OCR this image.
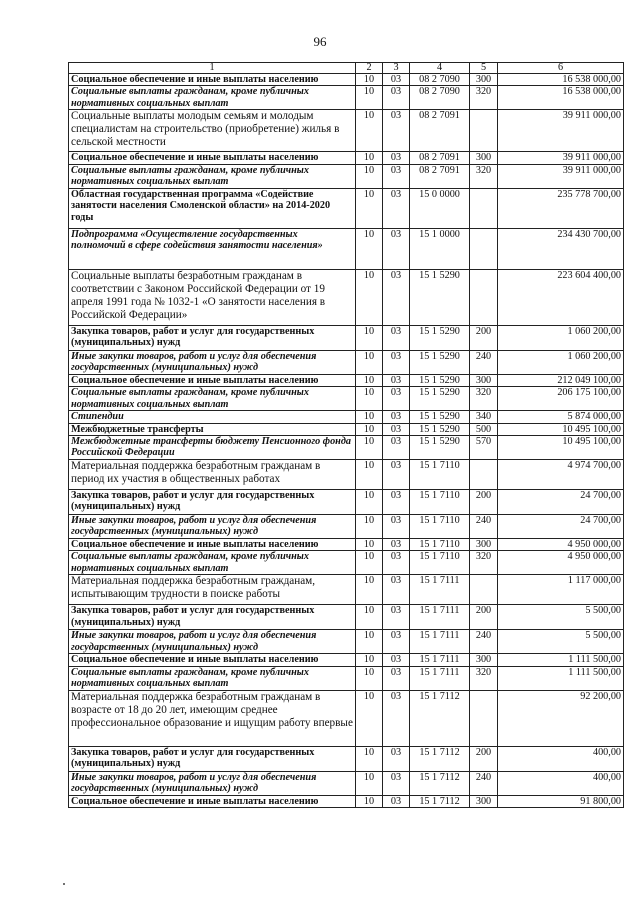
96
1	2	3	4	5	6
Социальное обеспечение и иные выплаты населению	10	03	08 2 7090	300	16 538 000,00
Социальные выплаты гражданам, кроме публичных нормативных социальных выплат	10	03	08 2 7090	320	16 538 000,00
Социальные выплаты молодым семьям и молодым специалистам на строительство (приобретение) жилья в сельской местности	10	03	08 2 7091		39 911 000,00
Социальное обеспечение и иные выплаты населению	10	03	08 2 7091	300	39 911 000,00
Социальные выплаты гражданам, кроме публичных нормативных социальных выплат	10	03	08 2 7091	320	39 911 000,00
Областная государственная программа «Содействие занятости населения Смоленской области» на 2014-2020 годы	10	03	15 0 0000		235 778 700,00
Подпрограмма «Осуществление государственных полномочий в сфере содействия занятости населения»	10	03	15 1 0000		234 430 700,00
Социальные выплаты безработным гражданам в соответствии с Законом Российской Федерации от 19 апреля 1991 года № 1032-1 «О занятости населения в Российской Федерации»	10	03	15 1 5290		223 604 400,00
Закупка товаров, работ и услуг для государственных (муниципальных) нужд	10	03	15 1 5290	200	1 060 200,00
Иные закупки товаров, работ и услуг для обеспечения государственных (муниципальных) нужд	10	03	15 1 5290	240	1 060 200,00
Социальное обеспечение и иные выплаты населению	10	03	15 1 5290	300	212 049 100,00
Социальные выплаты гражданам, кроме публичных нормативных социальных выплат	10	03	15 1 5290	320	206 175 100,00
Стипендии	10	03	15 1 5290	340	5 874 000,00
Межбюджетные трансферты	10	03	15 1 5290	500	10 495 100,00
Межбюджетные трансферты бюджету Пенсионного фонда Российской Федерации	10	03	15 1 5290	570	10 495 100,00
Материальная поддержка безработным гражданам в период их участия в общественных работах	10	03	15 1 7110		4 974 700,00
Закупка товаров, работ и услуг для государственных (муниципальных) нужд	10	03	15 1 7110	200	24 700,00
Иные закупки товаров, работ и услуг для обеспечения государственных (муниципальных) нужд	10	03	15 1 7110	240	24 700,00
Социальное обеспечение и иные выплаты населению	10	03	15 1 7110	300	4 950 000,00
Социальные выплаты гражданам, кроме публичных нормативных социальных выплат	10	03	15 1 7110	320	4 950 000,00
Материальная поддержка безработным гражданам, испытывающим трудности в поиске работы	10	03	15 1 7111		1 117 000,00
Закупка товаров, работ и услуг для государственных (муниципальных) нужд	10	03	15 1 7111	200	5 500,00
Иные закупки товаров, работ и услуг для обеспечения государственных (муниципальных) нужд	10	03	15 1 7111	240	5 500,00
Социальное обеспечение и иные выплаты населению	10	03	15 1 7111	300	1 111 500,00
Социальные выплаты гражданам, кроме публичных нормативных социальных выплат	10	03	15 1 7111	320	1 111 500,00
Материальная поддержка безработным гражданам в возрасте от 18 до 20 лет, имеющим среднее профессиональное образование и ищущим работу впервые	10	03	15 1 7112		92 200,00
Закупка товаров, работ и услуг для государственных (муниципальных) нужд	10	03	15 1 7112	200	400,00
Иные закупки товаров, работ и услуг для обеспечения государственных (муниципальных) нужд	10	03	15 1 7112	240	400,00
Социальное обеспечение и иные выплаты населению	10	03	15 1 7112	300	91 800,00
